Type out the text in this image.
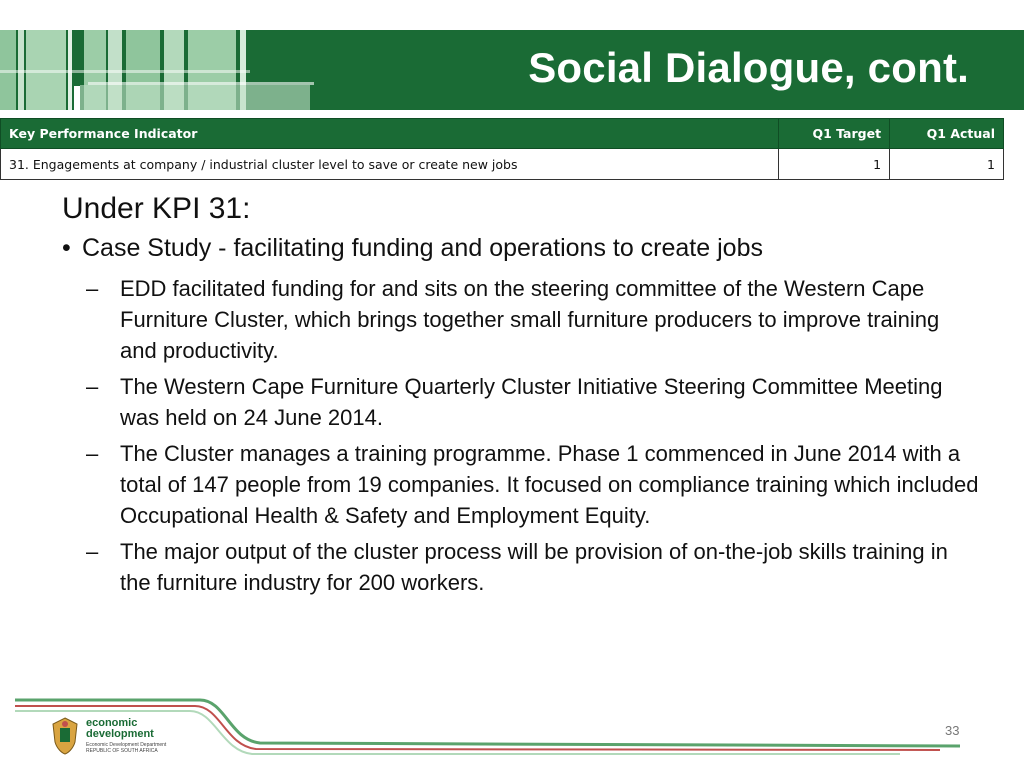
Social Dialogue, cont.
Key Performance Indicator	Q1 Target	Q1 Actual
31. Engagements at company / industrial cluster level to save or create new jobs	1	1
Under KPI 31:
• Case Study - facilitating funding and operations to create jobs
– EDD facilitated funding for and sits on the steering committee of the Western Cape Furniture Cluster, which brings together small furniture producers to improve training and productivity.
– The Western Cape Furniture Quarterly Cluster Initiative Steering Committee Meeting was held on 24 June 2014.
– The Cluster manages a training programme. Phase 1 commenced in June 2014 with a total of 147 people from 19 companies. It focused on compliance training which included Occupational Health & Safety and Employment Equity.
– The major output of the cluster process will be provision of on-the-job skills training in the furniture industry for 200 workers.
economic
development
Economic Development Department
REPUBLIC OF SOUTH AFRICA
33
